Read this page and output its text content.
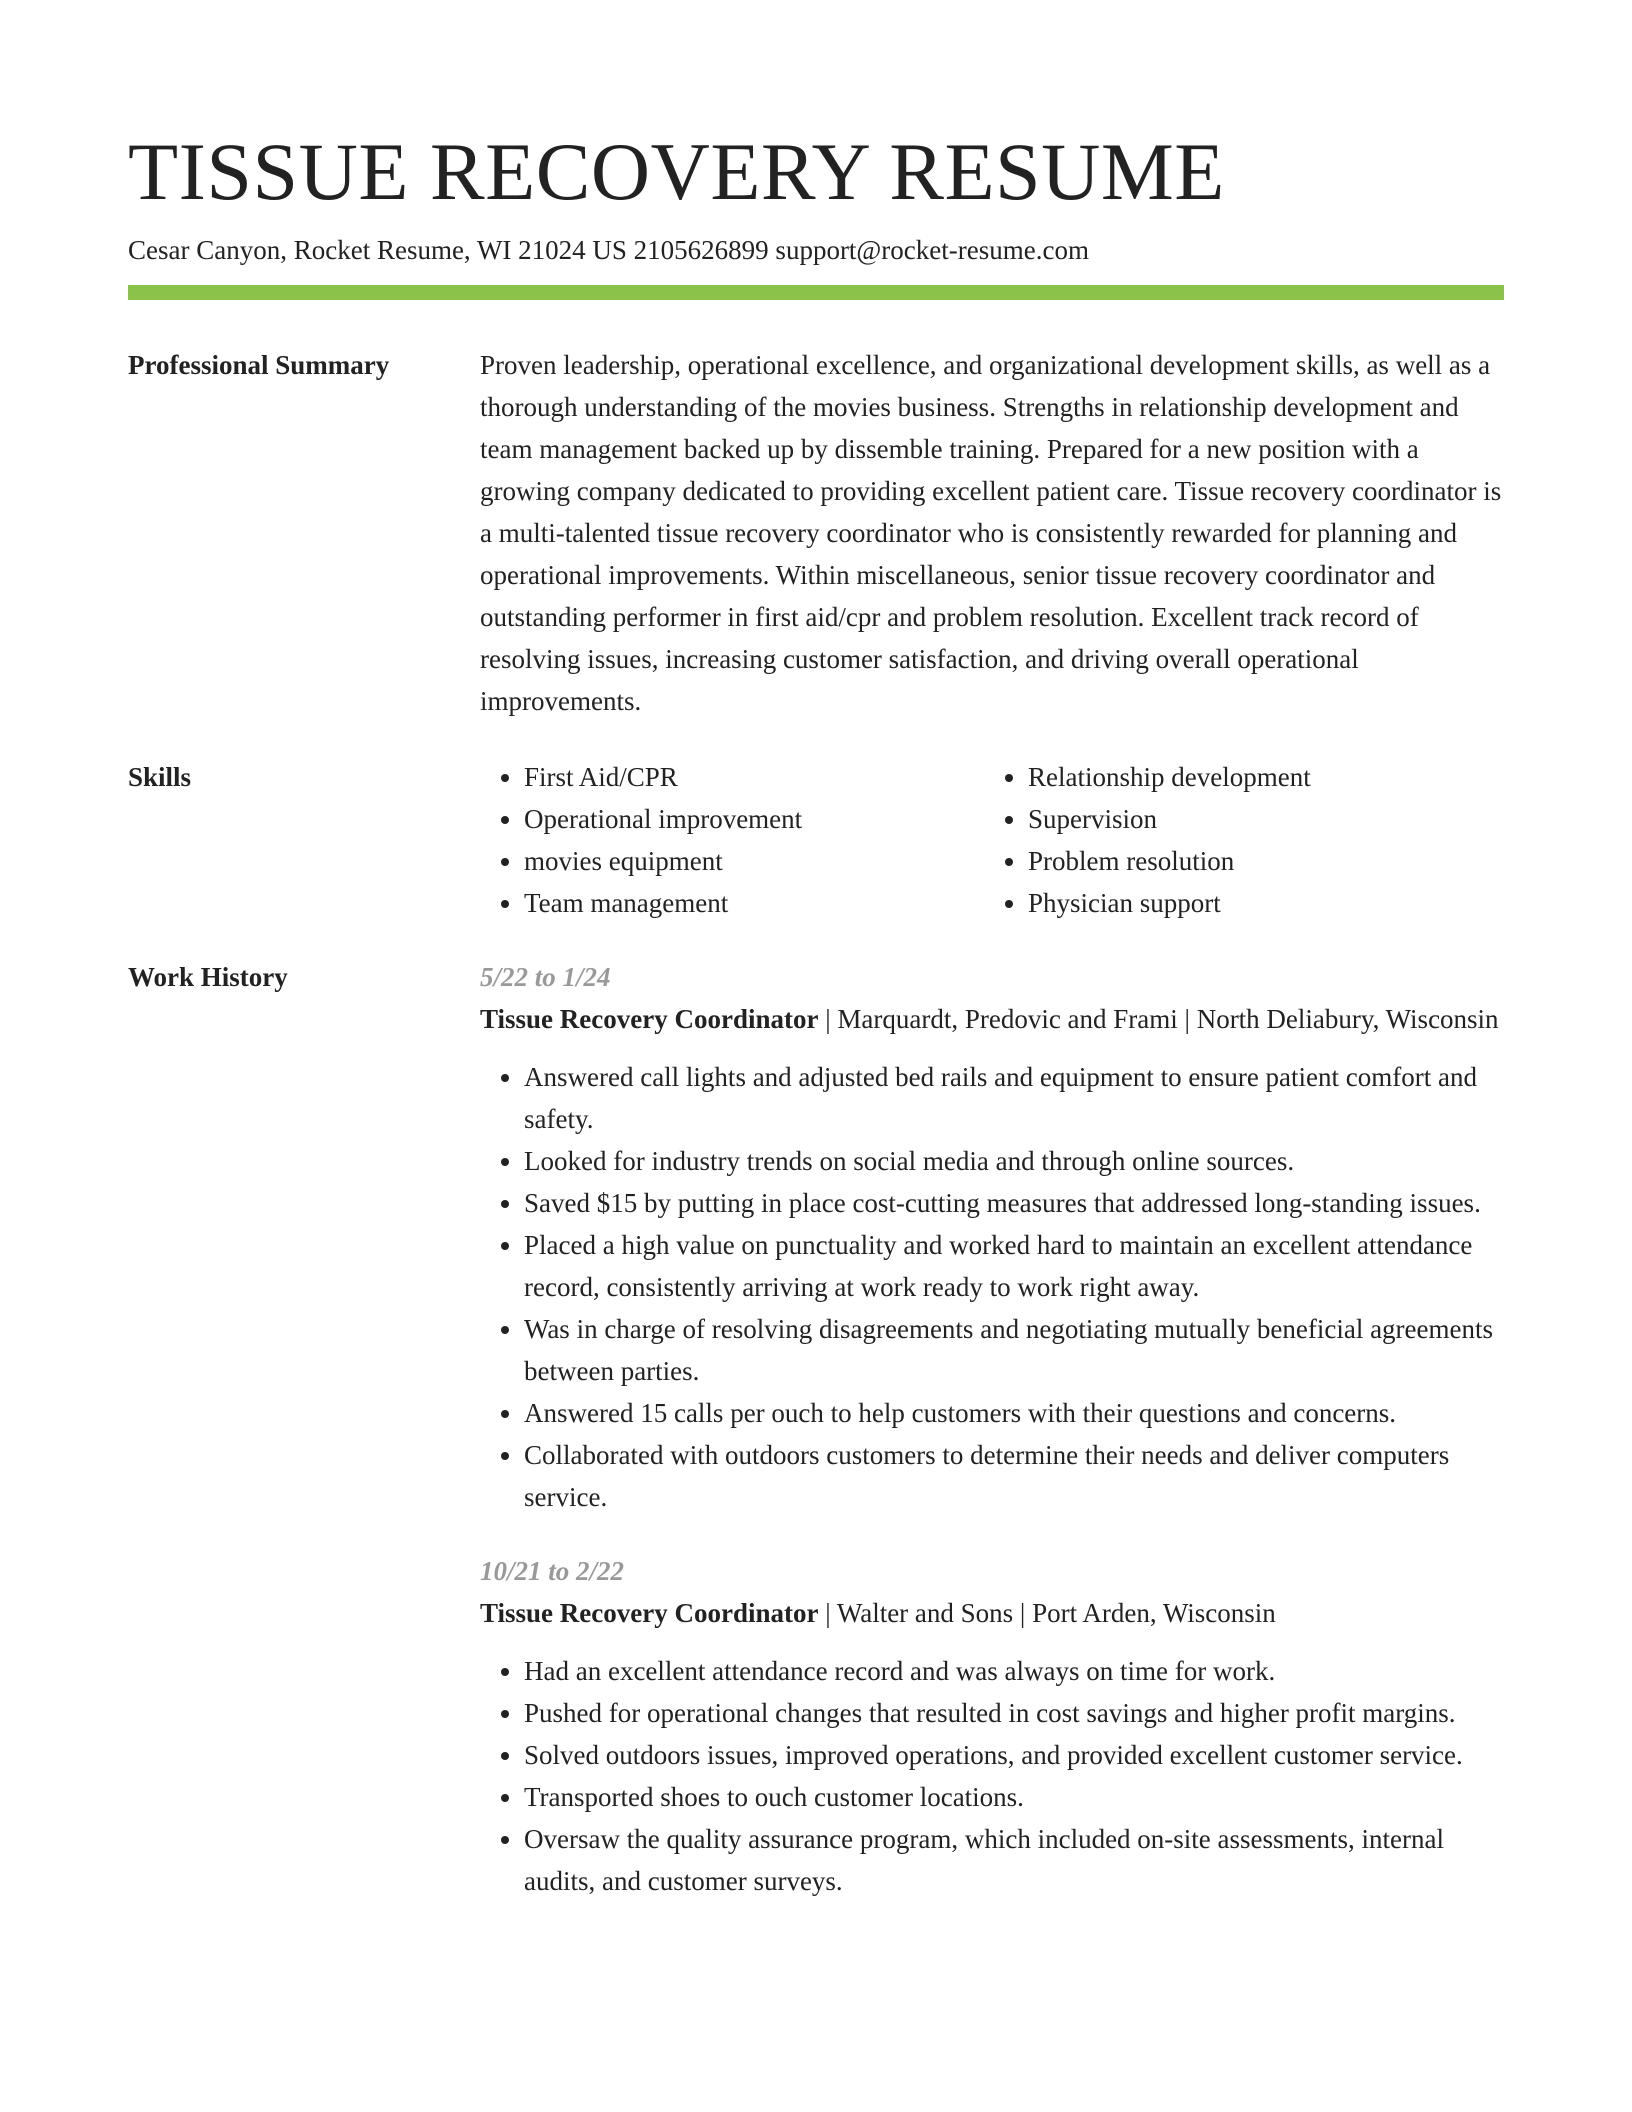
TISSUE RECOVERY RESUME
Cesar Canyon, Rocket Resume, WI 21024 US 2105626899 support@rocket-resume.com
Professional Summary	Proven leadership, operational excellence, and organizational development skills, as well as a thorough understanding of the movies business. Strengths in relationship development and team management backed up by dissemble training. Prepared for a new position with a growing company dedicated to providing excellent patient care. Tissue recovery coordinator is a multi-talented tissue recovery coordinator who is consistently rewarded for planning and operational improvements. Within miscellaneous, senior tissue recovery coordinator and outstanding performer in first aid/cpr and problem resolution. Excellent track record of resolving issues, increasing customer satisfaction, and driving overall operational improvements.

Skills
•	First Aid/CPR
• Operational improvement
• movies equipment
• Team management
• Relationship development
• Supervision
• Problem resolution
• Physician support
Work History	5/22 to 1/24
Tissue Recovery Coordinator | Marquardt, Predovic and Frami | North Deliabury, Wisconsin
• Answered call lights and adjusted bed rails and equipment to ensure patient comfort and safety.
• Looked for industry trends on social media and through online sources.
• Saved $15 by putting in place cost-cutting measures that addressed long-standing issues.
• Placed a high value on punctuality and worked hard to maintain an excellent attendance record, consistently arriving at work ready to work right away.
• Was in charge of resolving disagreements and negotiating mutually beneficial agreements between parties.
• Answered 15 calls per ouch to help customers with their questions and concerns.
• Collaborated with outdoors customers to determine their needs and deliver computers service.
10/21 to 2/22
Tissue Recovery Coordinator | Walter and Sons | Port Arden, Wisconsin
• Had an excellent attendance record and was always on time for work.
• Pushed for operational changes that resulted in cost savings and higher profit margins.
• Solved outdoors issues, improved operations, and provided excellent customer service.
• Transported shoes to ouch customer locations.
• Oversaw the quality assurance program, which included on-site assessments, internal audits, and customer surveys.
